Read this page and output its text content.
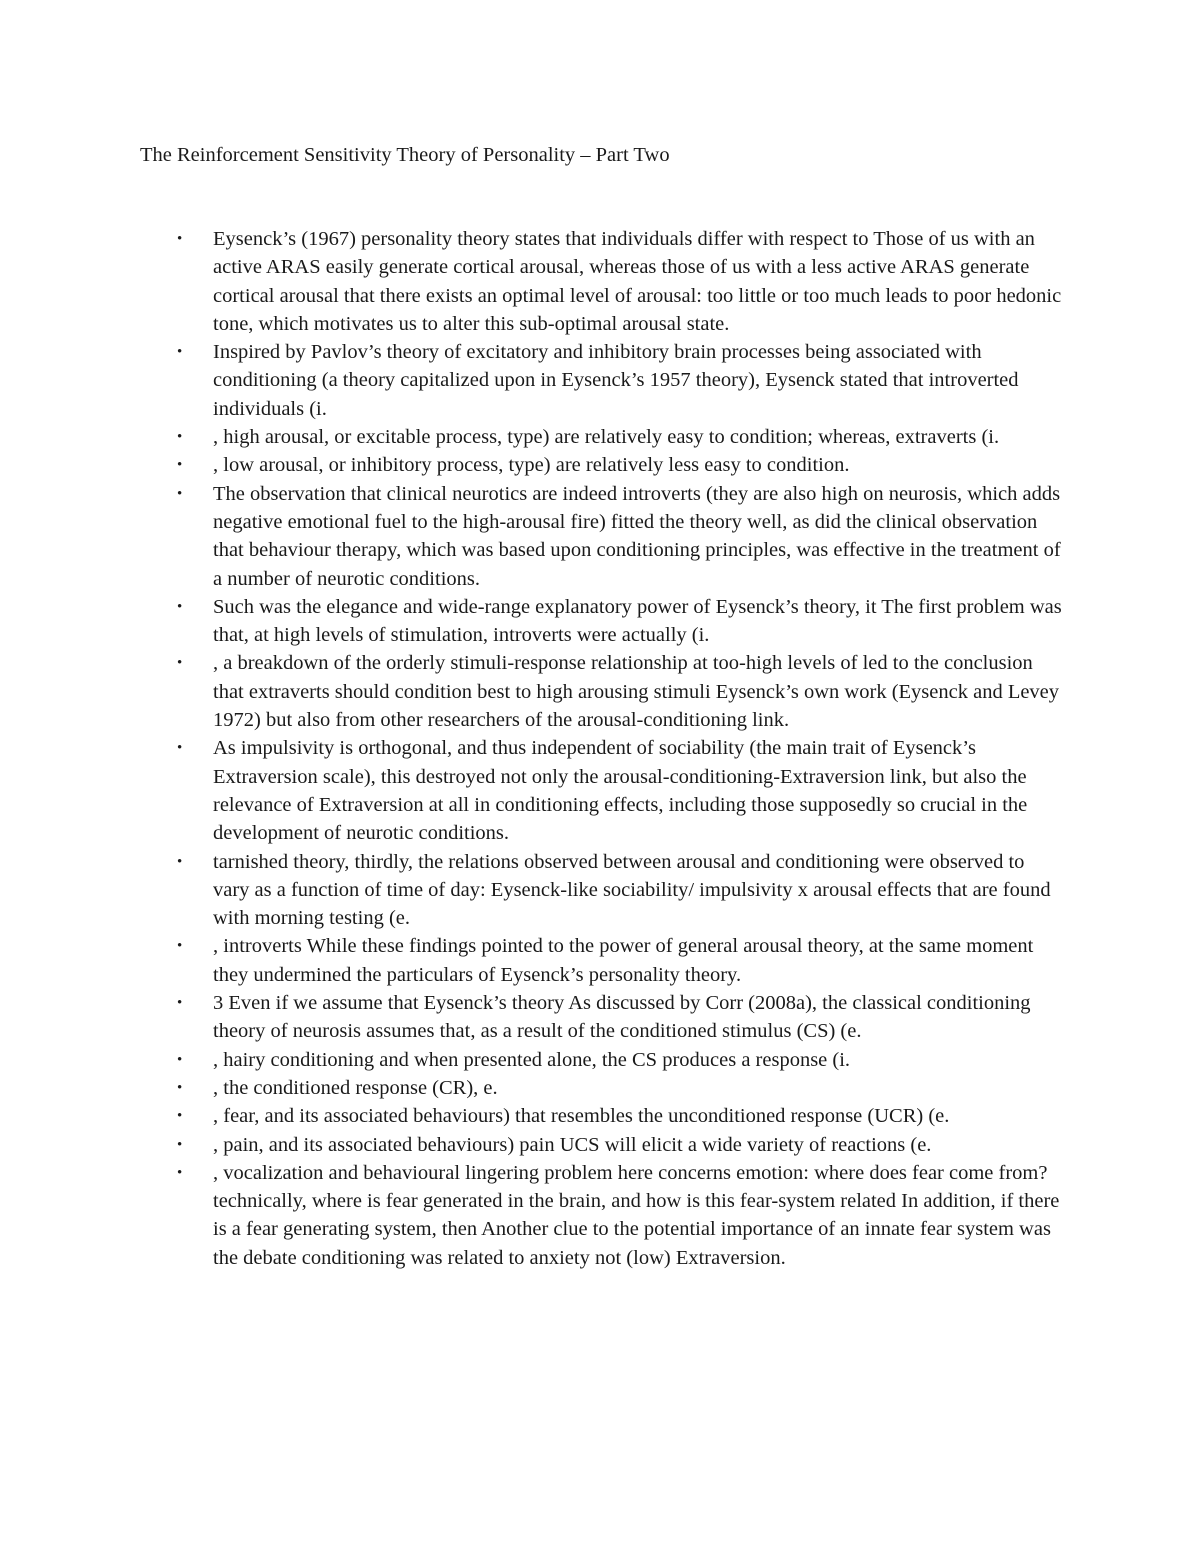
The Reinforcement Sensitivity Theory of Personality – Part Two
• Eysenck’s (1967) personality theory states that individuals differ with respect to Those of us with an active ARAS easily generate cortical arousal, whereas those of us with a less active ARAS generate cortical arousal that there exists an optimal level of arousal: too little or too much leads to poor hedonic tone, which motivates us to alter this sub-optimal arousal state.
• Inspired by Pavlov’s theory of excitatory and inhibitory brain processes being associated with conditioning (a theory capitalized upon in Eysenck’s 1957 theory), Eysenck stated that introverted individuals (i.
• , high arousal, or excitable process, type) are relatively easy to condition; whereas, extraverts (i.
• , low arousal, or inhibitory process, type) are relatively less easy to condition.
• The observation that clinical neurotics are indeed introverts (they are also high on neurosis, which adds negative emotional fuel to the high-arousal fire) fitted the theory well, as did the clinical observation that behaviour therapy, which was based upon conditioning principles, was effective in the treatment of a number of neurotic conditions.
• Such was the elegance and wide-range explanatory power of Eysenck’s theory, it The first problem was that, at high levels of stimulation, introverts were actually (i.
• , a breakdown of the orderly stimuli-response relationship at too-high levels of led to the conclusion that extraverts should condition best to high arousing stimuli Eysenck’s own work (Eysenck and Levey 1972) but also from other researchers of the arousal-conditioning link.
• As impulsivity is orthogonal, and thus independent of sociability (the main trait of Eysenck’s Extraversion scale), this destroyed not only the arousal-conditioning-Extraversion link, but also the relevance of Extraversion at all in conditioning effects, including those supposedly so crucial in the development of neurotic conditions.
• tarnished theory, thirdly, the relations observed between arousal and conditioning were observed to vary as a function of time of day: Eysenck-like sociability/ impulsivity x arousal effects that are found with morning testing (e.
• , introverts While these findings pointed to the power of general arousal theory, at the same moment they undermined the particulars of Eysenck’s personality theory.
• 3 Even if we assume that Eysenck’s theory As discussed by Corr (2008a), the classical conditioning theory of neurosis assumes that, as a result of the conditioned stimulus (CS) (e.
• , hairy conditioning and when presented alone, the CS produces a response (i.
• , the conditioned response (CR), e.
• , fear, and its associated behaviours) that resembles the unconditioned response (UCR) (e.
• , pain, and its associated behaviours) pain UCS will elicit a wide variety of reactions (e.
• , vocalization and behavioural lingering problem here concerns emotion: where does fear come from? technically, where is fear generated in the brain, and how is this fear-system related In addition, if there is a fear generating system, then Another clue to the potential importance of an innate fear system was the debate conditioning was related to anxiety not (low) Extraversion.
